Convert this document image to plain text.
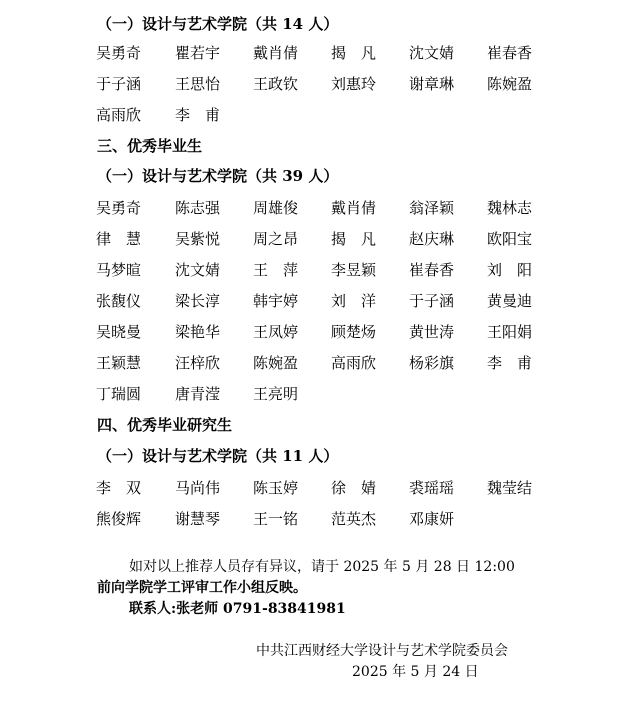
（一）设计与艺术学院（共 14 人）
吴勇奇 瞿若宇 戴肖倩 揭　凡 沈文婧 崔春香
于子涵 王思怡 王政钦 刘惠玲 谢章琳 陈婉盈
高雨欣 李　甫
三、优秀毕业生
（一）设计与艺术学院（共 39 人）
吴勇奇 陈志强 周雄俊 戴肖倩 翁泽颖 魏林志
律　慧 吴紫悦 周之昂 揭　凡 赵庆琳 欧阳宝
马梦暄 沈文婧 王　萍 李昱颖 崔春香 刘　阳
张馥仪 梁长淳 韩宇婷 刘　洋 于子涵 黄曼迪
吴晓曼 梁艳华 王凤婷 顾楚炀 黄世涛 王阳娟
王颖慧 汪梓欣 陈婉盈 高雨欣 杨彩旗 李　甫
丁瑞圆 唐青滢 王亮明
四、优秀毕业研究生
（一）设计与艺术学院（共 11 人）
李　双 马尚伟 陈玉婷 徐　婧 裘瑶瑶 魏莹结
熊俊辉 谢慧琴 王一铭 范英杰 邓康妍
如对以上推荐人员存有异议，请于 2025 年 5 月 28 日 12:00
前向学院学工评审工作小组反映。
联系人:张老师 0791-83841981
中共江西财经大学设计与艺术学院委员会
2025 年 5 月 24 日
